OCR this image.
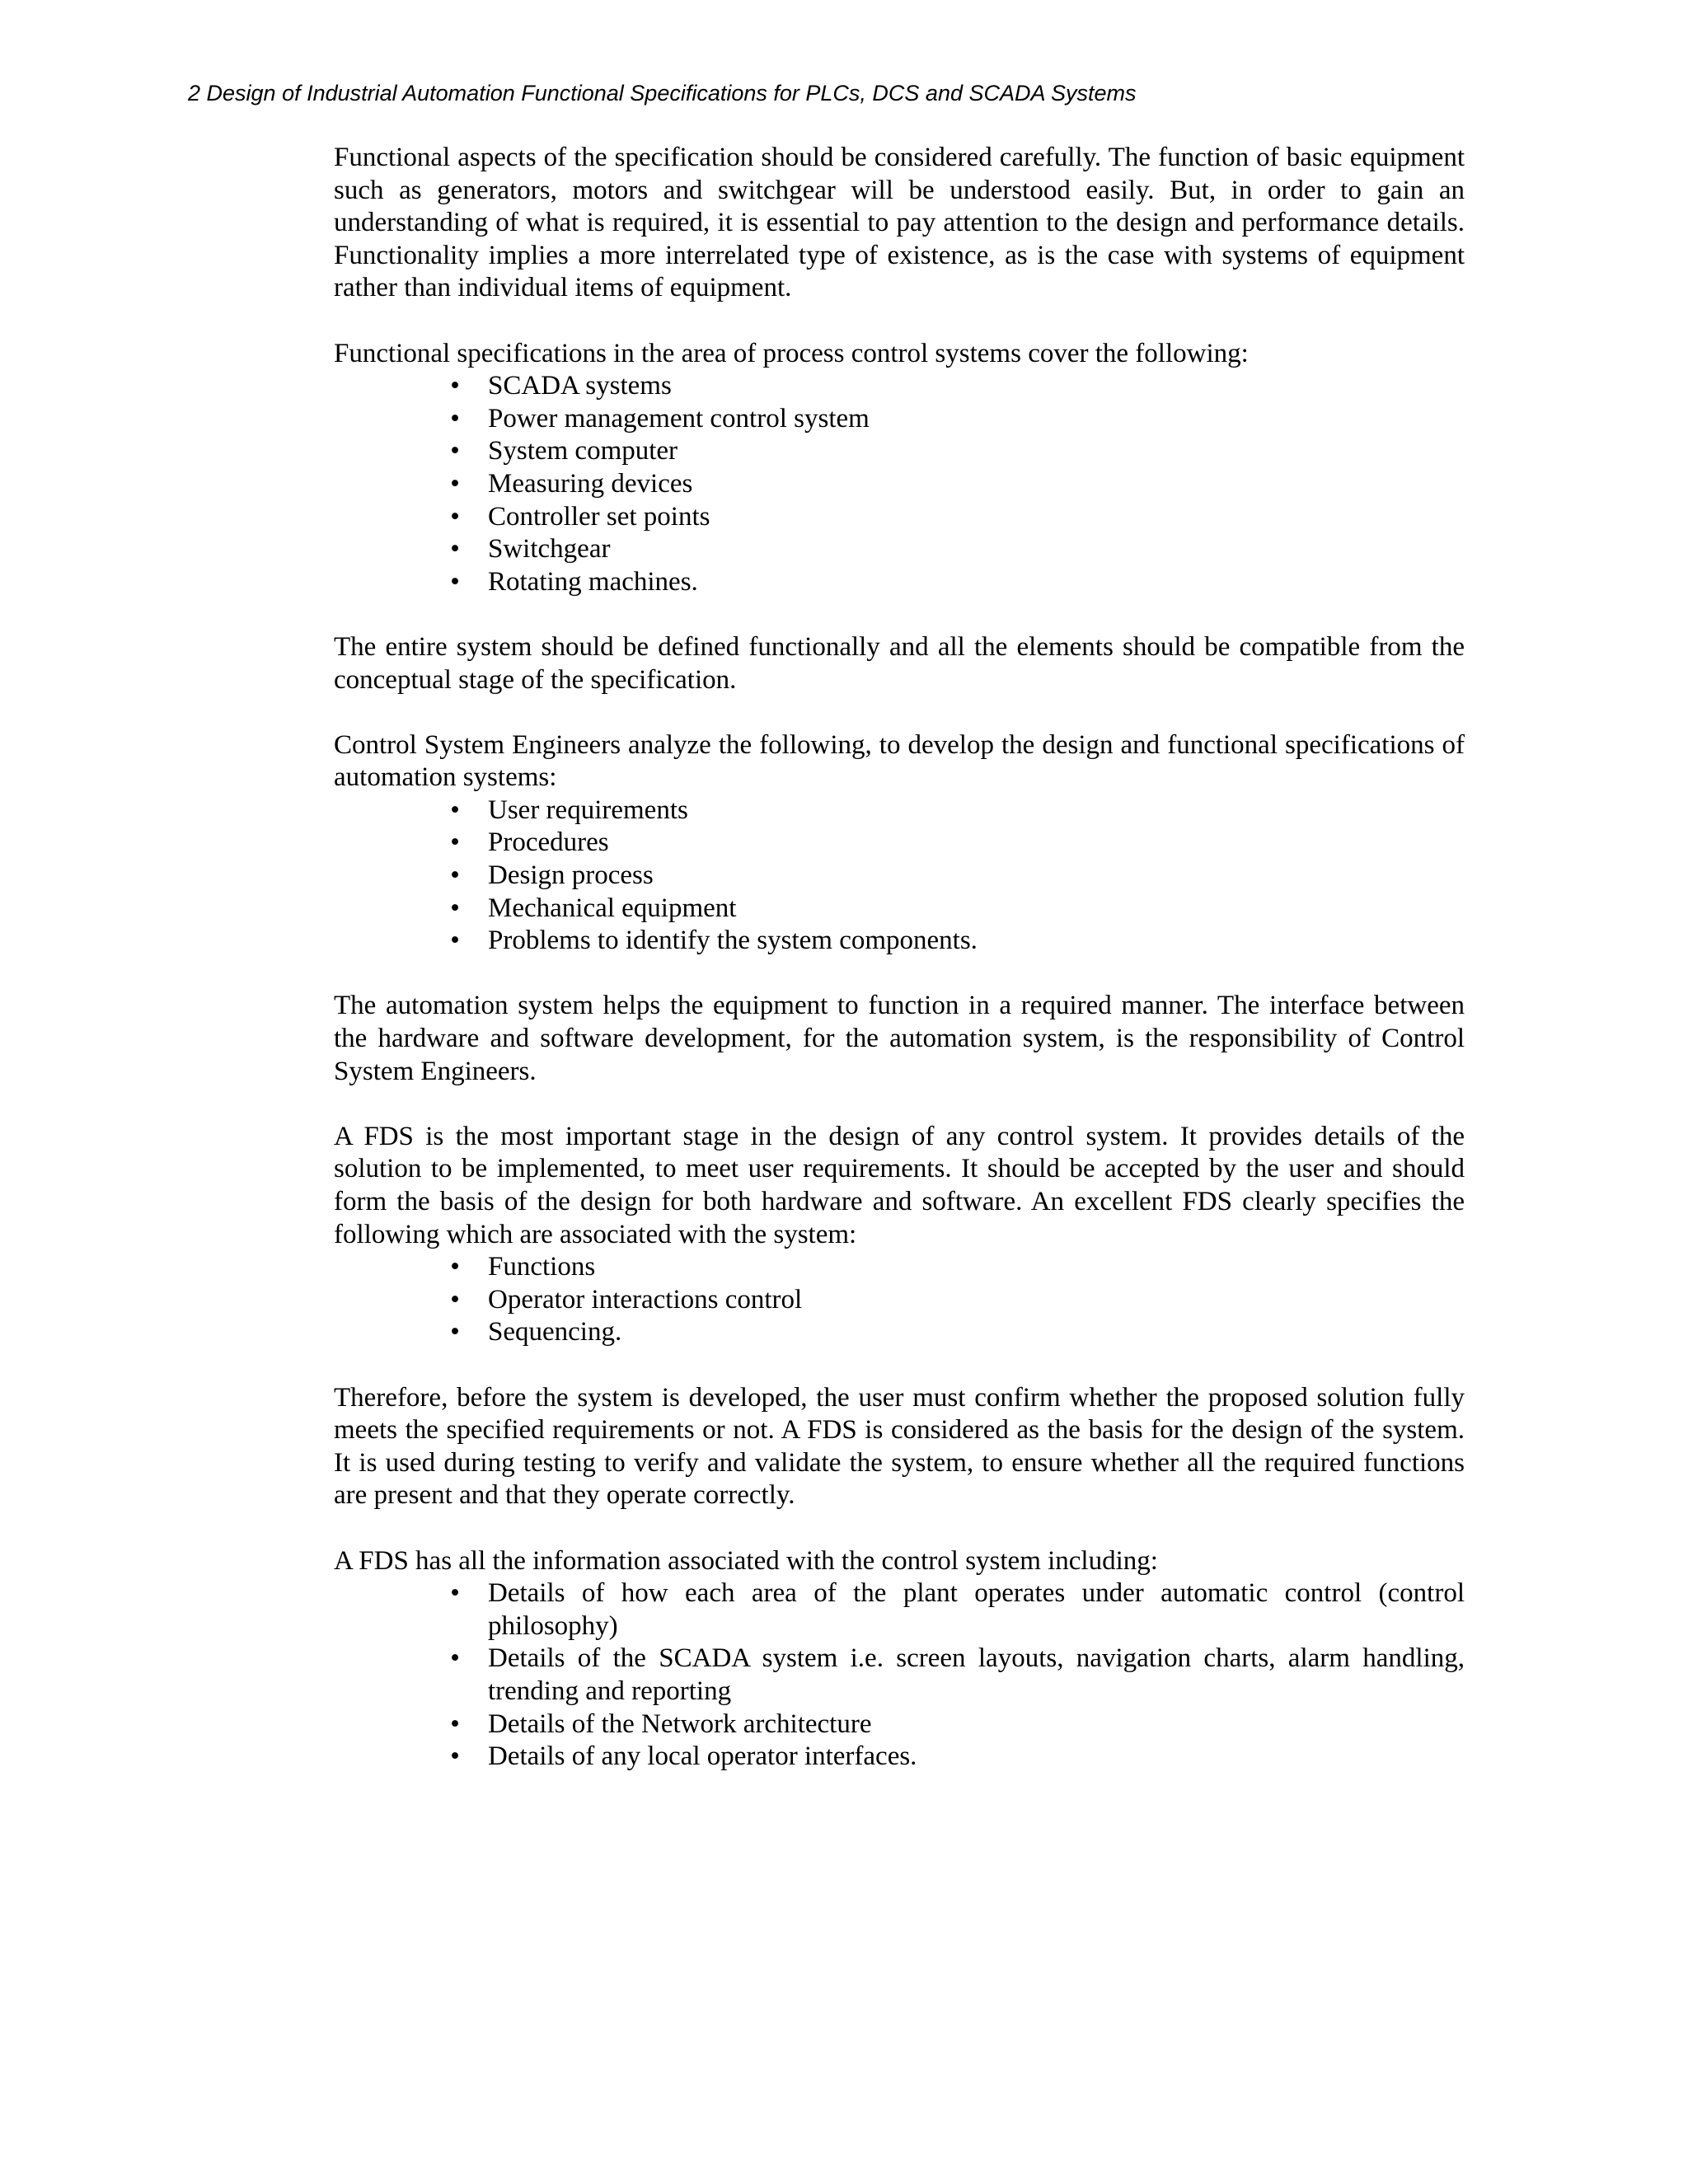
2 Design of Industrial Automation Functional Specifications for PLCs, DCS and SCADA Systems

Functional aspects of the specification should be considered carefully. The function of basic equipment such as generators, motors and switchgear will be understood easily. But, in order to gain an understanding of what is required, it is essential to pay attention to the design and performance details. Functionality implies a more interrelated type of existence, as is the case with systems of equipment rather than individual items of equipment.

Functional specifications in the area of process control systems cover the following:

• SCADA systems
• Power management control system
• System computer
• Measuring devices
• Controller set points
• Switchgear
• Rotating machines.

The entire system should be defined functionally and all the elements should be compatible from the conceptual stage of the specification.

Control System Engineers analyze the following, to develop the design and functional specifications of automation systems:

• User requirements
• Procedures
• Design process
• Mechanical equipment
• Problems to identify the system components.

The automation system helps the equipment to function in a required manner. The interface between the hardware and software development, for the automation system, is the responsibility of Control System Engineers.

A FDS is the most important stage in the design of any control system. It provides details of the solution to be implemented, to meet user requirements. It should be accepted by the user and should form the basis of the design for both hardware and software. An excellent FDS clearly specifies the following which are associated with the system:

• Functions
• Operator interactions control
• Sequencing.

Therefore, before the system is developed, the user must confirm whether the proposed solution fully meets the specified requirements or not. A FDS is considered as the basis for the design of the system. It is used during testing to verify and validate the system, to ensure whether all the required functions are present and that they operate correctly.

A FDS has all the information associated with the control system including:

• Details of how each area of the plant operates under automatic control (control philosophy)
• Details of the SCADA system i.e. screen layouts, navigation charts, alarm handling, trending and reporting
• Details of the Network architecture
• Details of any local operator interfaces.
